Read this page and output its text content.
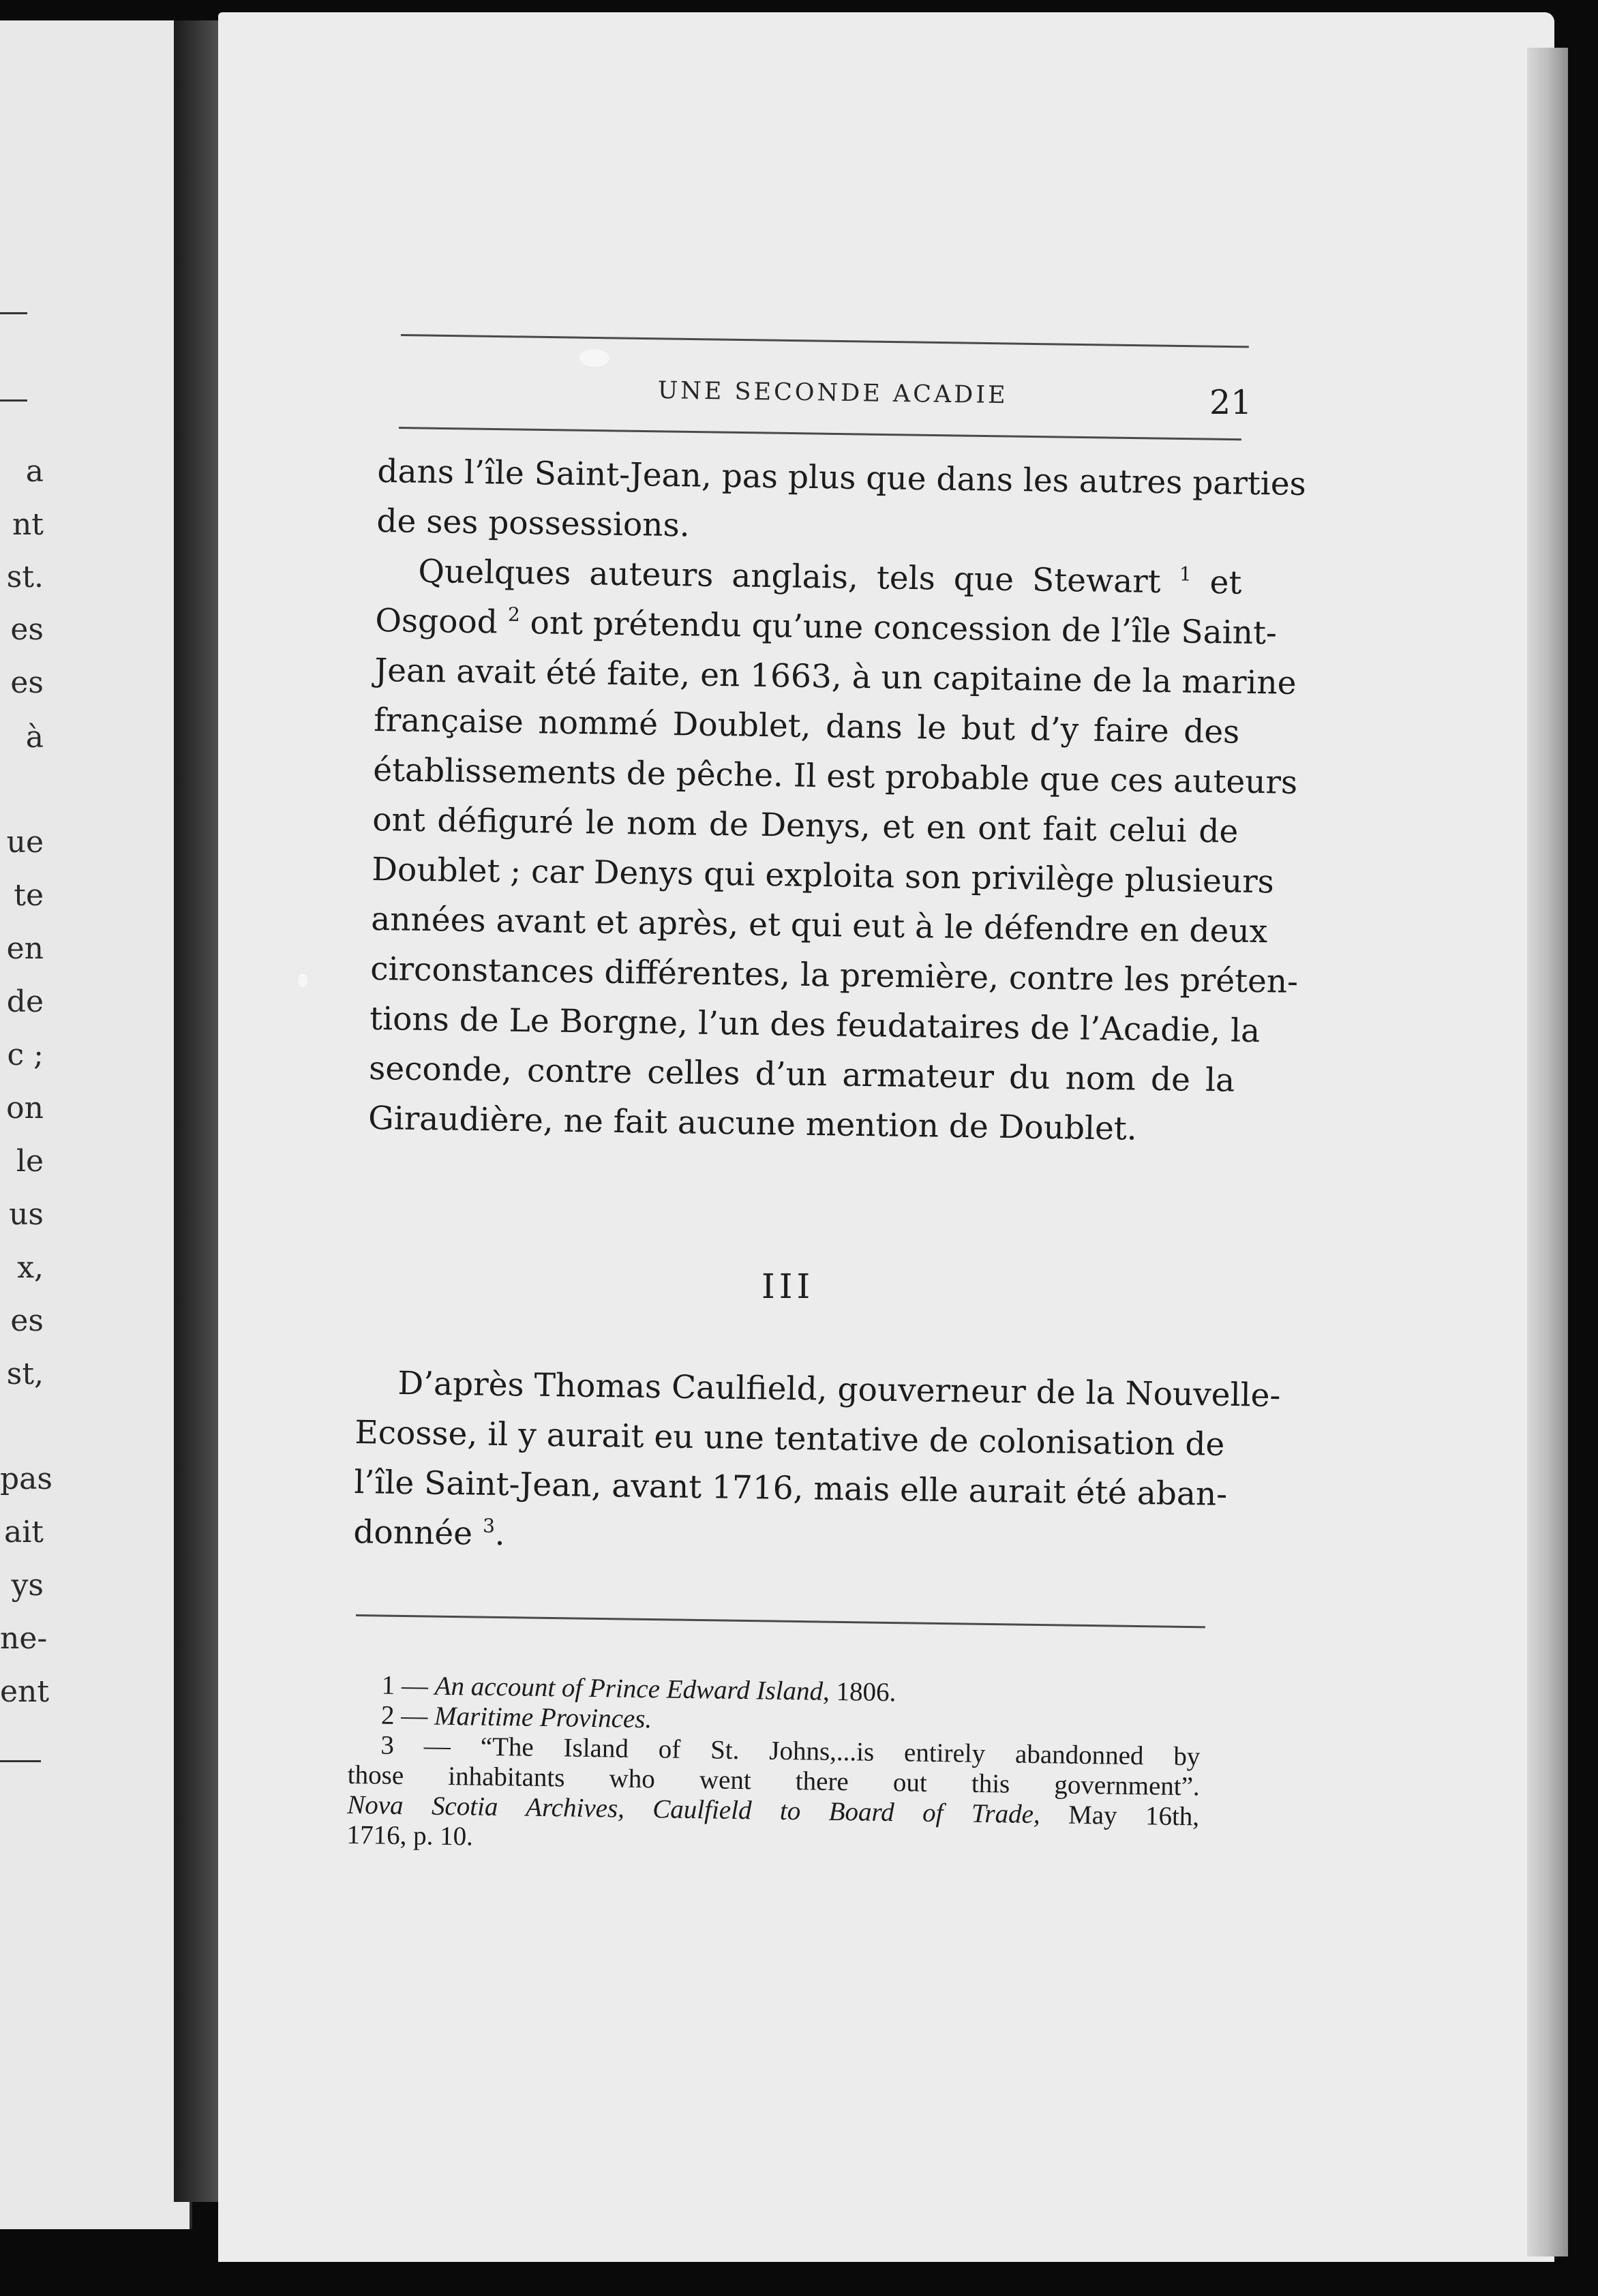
a
nt
st.
es
es
à
ue
te
en
de
c ;
on
le
us
x,
es
st,
pas
ait
ys
ne-
ent
UNE SECONDE ACADIE	21
dans l’île Saint-Jean, pas plus que dans les autres parties
de ses possessions.
Quelques auteurs anglais, tels que Stewart $^1$ et
Osgood $^2$ ont prétendu qu’une concession de l’île Saint-
Jean avait été faite, en 1663, à un capitaine de la marine
française nommé Doublet, dans le but d’y faire des
établissements de pêche. Il est probable que ces auteurs
ont défiguré le nom de Denys, et en ont fait celui de
Doublet ; car Denys qui exploita son privilège plusieurs
années avant et après, et qui eut à le défendre en deux
circonstances différentes, la première, contre les préten-
tions de Le Borgne, l’un des feudataires de l’Acadie, la
seconde, contre celles d’un armateur du nom de la
Giraudière, ne fait aucune mention de Doublet.
III
D’après Thomas Caulfield, gouverneur de la Nouvelle-
Ecosse, il y aurait eu une tentative de colonisation de
l’île Saint-Jean, avant 1716, mais elle aurait été aban-
donnée $^3$.
1 — An account of Prince Edward Island, 1806.
2 — Maritime Provinces.
3 — “The Island of St. Johns,...is entirely abandonned by
those inhabitants who went there out this government”.
Nova Scotia Archives, Caulfield to Board of Trade, May 16th,
1716, p. 10.
